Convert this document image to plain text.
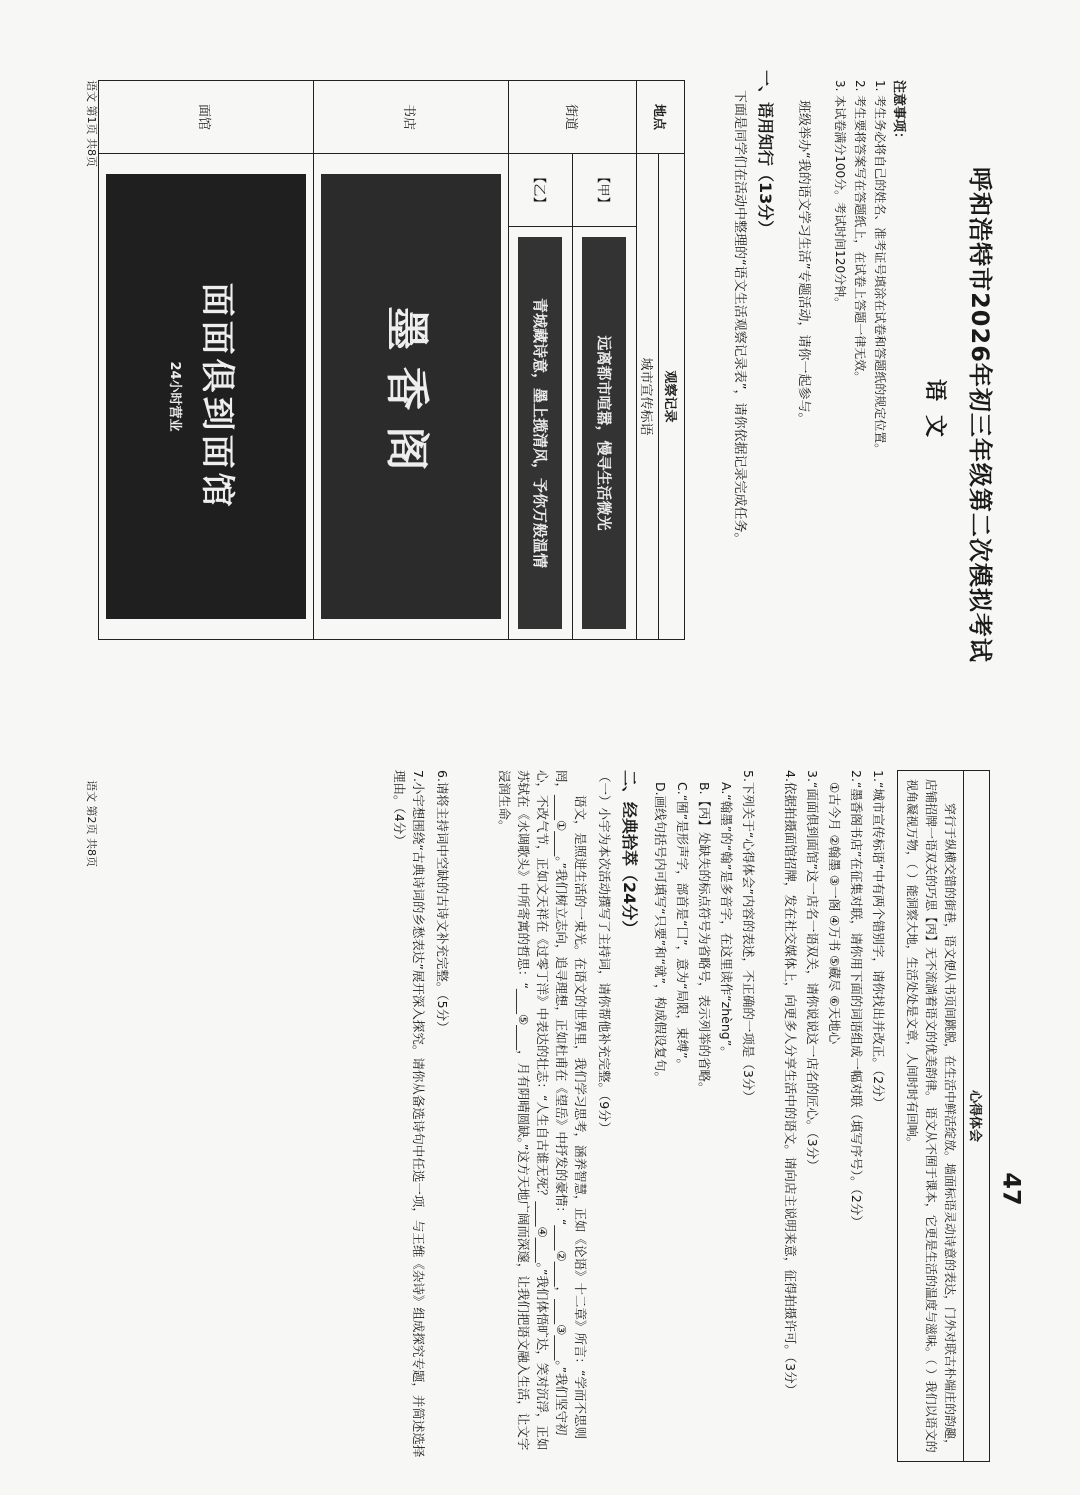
呼和浩特市2026年初三年级第二次模拟考试
语文
注意事项：
1. 考生务必将自己的姓名、准考证号填涂在试卷和答题纸的规定位置。
2. 考生要将答案写在答题纸上，在试卷上答题一律无效。
3. 本试卷满分100分。考试时间120分钟。
班级举办“我的语文学习生活”专题活动，请你一起参与。
一、语用知行（13分）
下面是同学们在活动中整理的“语文生活观察记录表”，请你依据记录完成任务。
地点	观察记录	
	城市宣传标语	
街道	【甲】	远离都市喧嚣，慢寻生活微光

	【乙】	青城藏诗意，墨上揽清风，予你万般温情

书店	墨香阁	

面馆	面面俱到面馆
24小时营业	
语文 第1页 共8页
心得体会
穿行于纵横交错的街巷，语文便从书页间跳脱，在生活中鲜活绽放。墙面标语灵动诗意的表达，门外对联古朴端庄的韵趣，店铺招牌一语双关的巧思【丙】无不流淌着语文的优美韵律。 语文从不囿于课本，它更是生活的温度与滋味。（ ）我们以语文的视角凝视万物，（ ）能洞察大地，生活处处是文章，人间时时有回响。
1.“城市宣传标语”中有两个错别字，请你找出并改正。（2分）
2.“墨香阁书店”在征集对联，请你用下面的词语组成一幅对联（填写序号）。（2分）
①古今月 ②翰墨 ③一阁 ④万书 ⑤藏尽 ⑥天地心
3.“面面俱到面馆”这一店名一语双关，请你说说这一店名的匠心。（3分）
4.依据拍摄面馆招牌，发在社交媒体上，向更多人分享生活中的语文。请向店主说明来意，征得拍摄许可。（3分）
5.下列关于“心得体会”内容的表述，不正确的一项是（3分）
A.“翰墨”的“翰”是多音字，在这里读作“zhèng”。
B.【丙】处缺失的标点符号为省略号，表示列举的省略。
C.“囿”是形声字，部首是“囗”，意为“局限，束缚”。
D.画线句括号内可填写“只要”和“就”，构成假设复句。
二、经典拾萃（24分）
（一）小宇为本次活动撰写了主持词，请你帮他补充完整。（9分）
语文，是照进生活的一束光。在语文的世界里，我们学习思考，涵养智慧，正如《论语》十二章》所言：“学而不思则罔，____①____。”我们树立志向，追寻理想，正如杜甫在《望岳》中抒发的豪情：“____②____，____③____。”我们坚守初心，不改气节，正如文天祥在《过零丁洋》中表达的壮志：“人生自古谁无死？____④____。”我们体悟旷达，笑对沉浮，正如苏轼在《水调歌头》中所寄寓的哲思：“____⑤____，月有阴晴圆缺。”这方天地广阔而深邃，让我们把语文融入生活，让文字浸润生命。
6.请将主持词中空缺的古诗文补充完整。（5分）
7.小宇想围绕“古典诗词的乡愁表达”展开深入探究。请你从备选诗句中任选一项，与王维《杂诗》组成探究专题，并简述选择理由。（4分）
语文 第2页 共8页
47
